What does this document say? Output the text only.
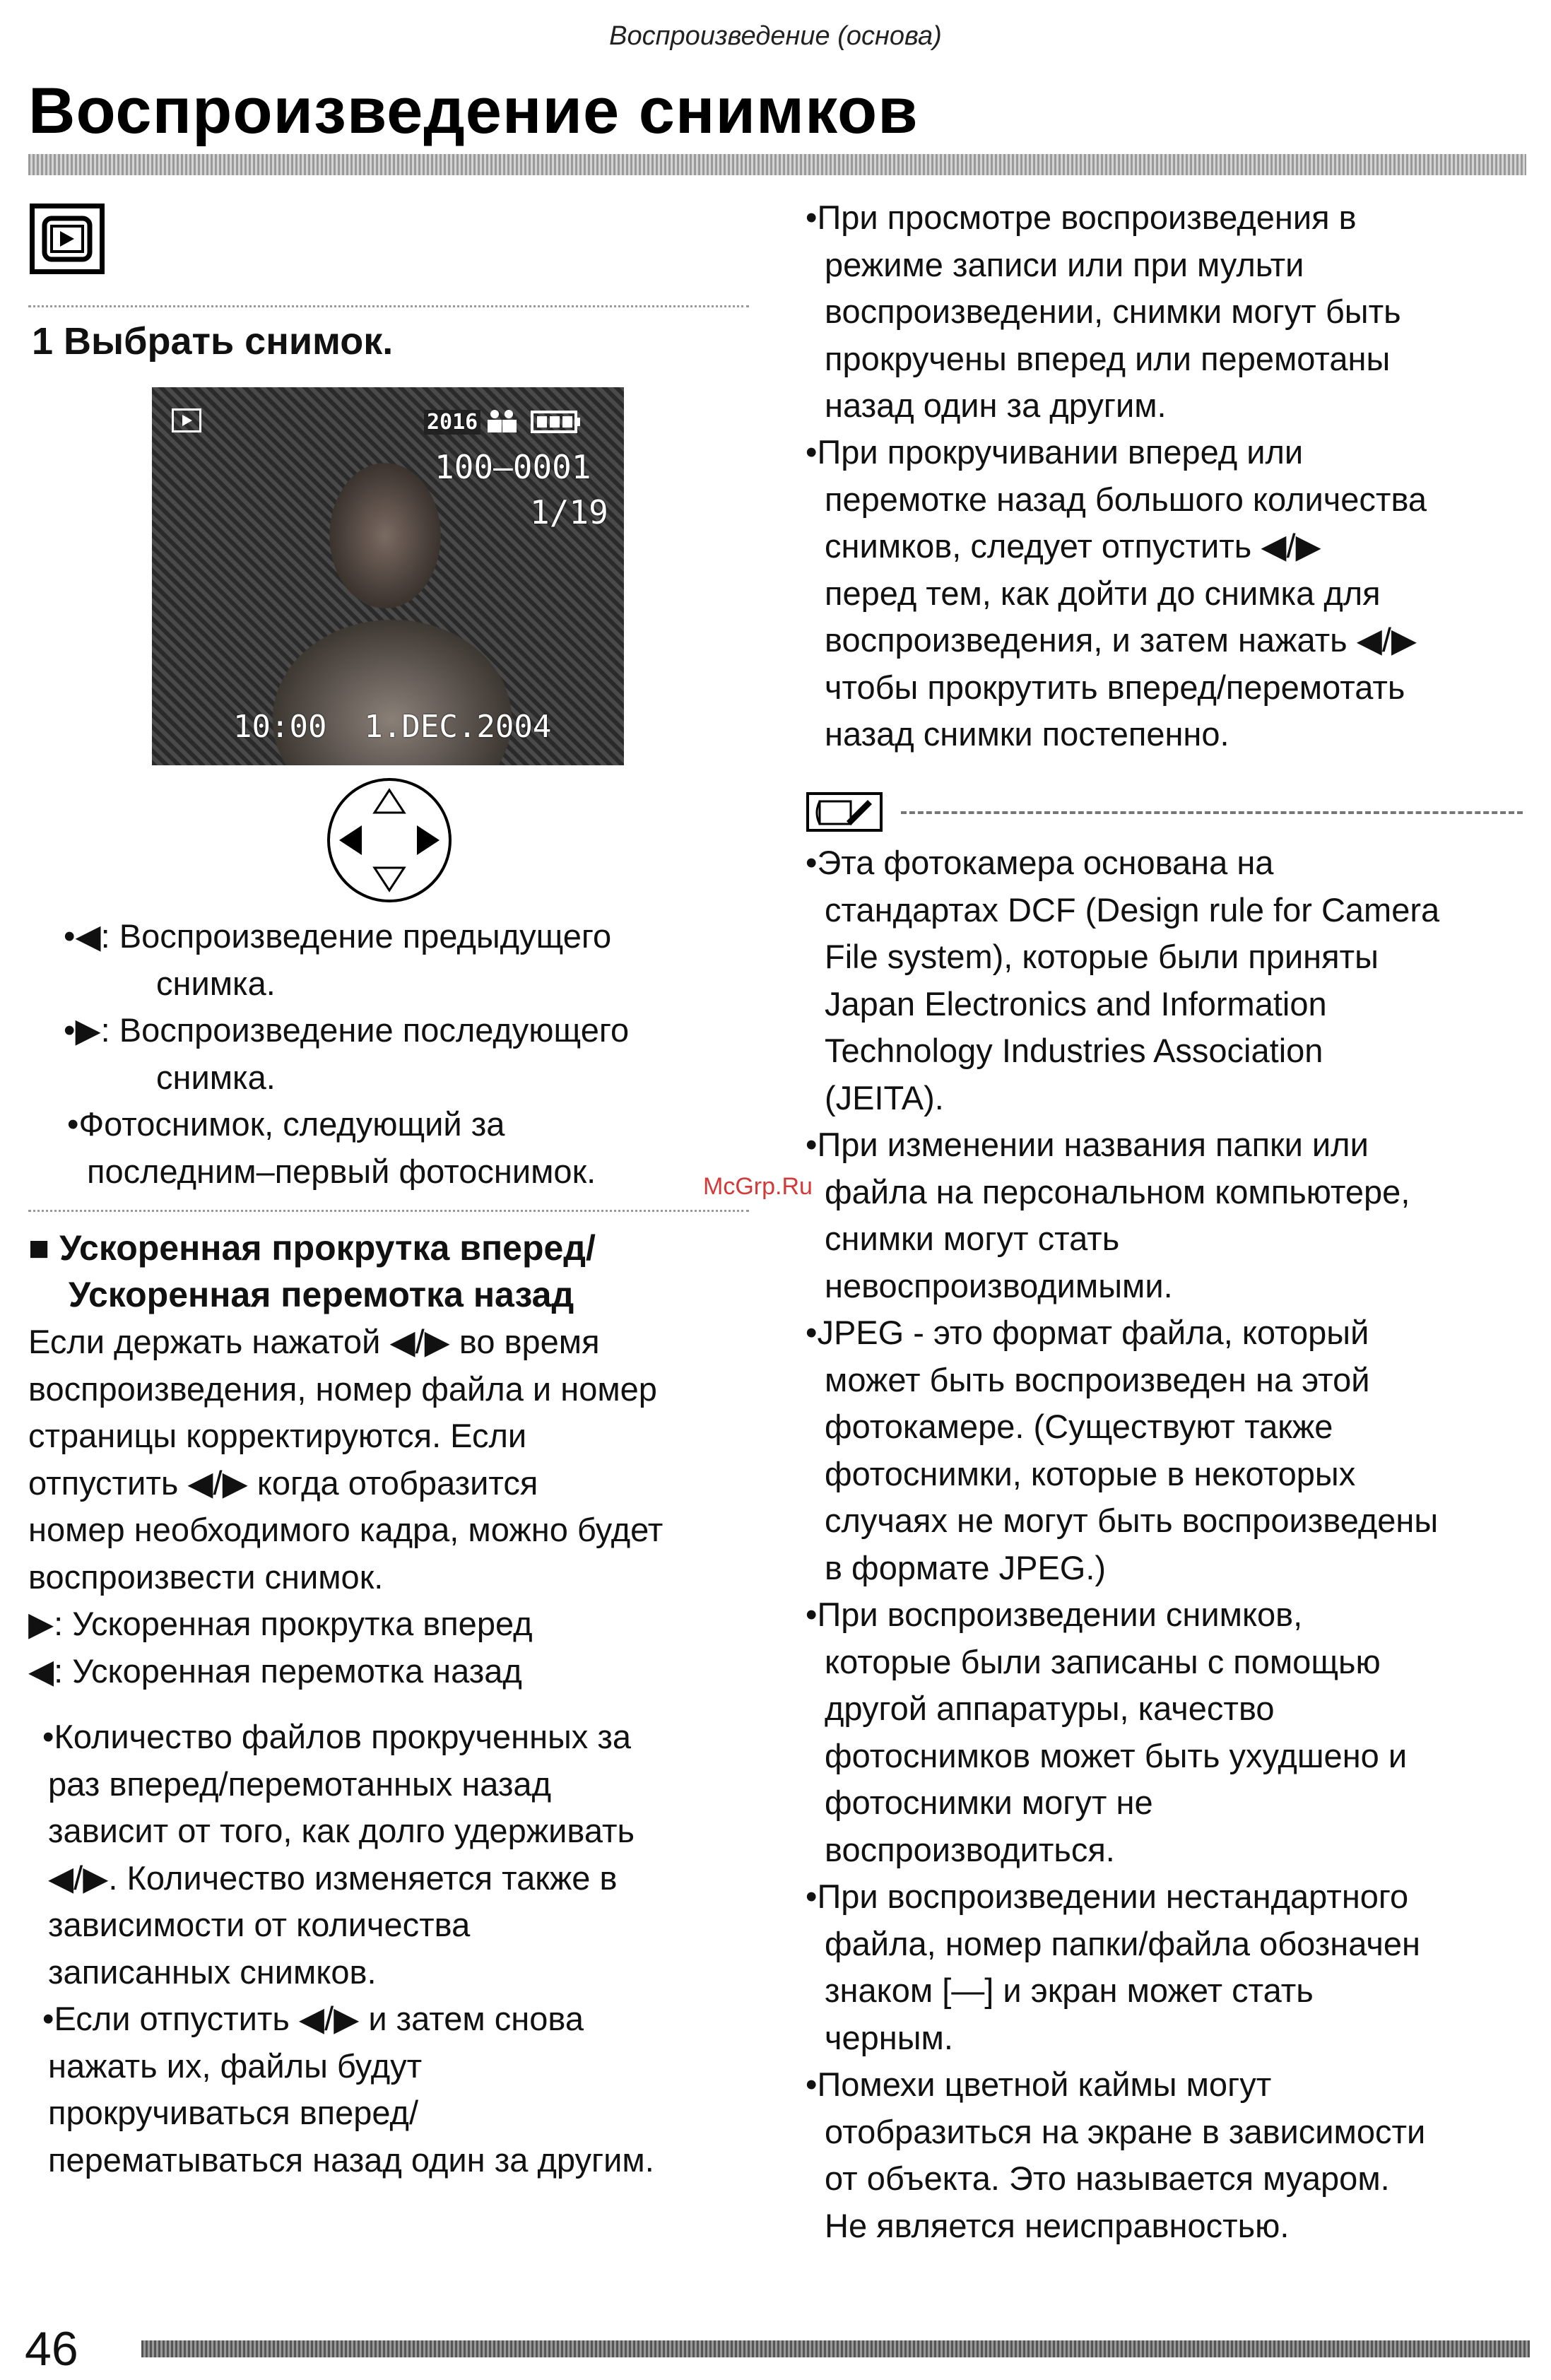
Воспроизведение (основа)
Воспроизведение снимков
1 Выбрать снимок.
2016
100–0001
1/19
10:00  1.DEC.2004
•◀: Воспроизведение предыдущего
снимка.
•▶: Воспроизведение последующего
снимка.
•Фотоснимок, следующий за
последним–первый фотоснимок.
■ Ускоренная прокрутка вперед/
Ускоренная перемотка назад
Если держать нажатой ◀/▶ во время
воспроизведения, номер файла и номер
страницы корректируются. Если
отпустить ◀/▶ когда отобразится
номер необходимого кадра, можно будет
воспроизвести снимок.
▶: Ускоренная прокрутка вперед
◀: Ускоренная перемотка назад
•Количество файлов прокрученных за
раз вперед/перемотанных назад
зависит от того, как долго удерживать
◀/▶. Количество изменяется также в
зависимости от количества
записанных снимков.
•Если отпустить ◀/▶ и затем снова
нажать их, файлы будут
прокручиваться вперед/
перематываться назад один за другим.
•При просмотре воспроизведения в
режиме записи или при мульти
воспроизведении, снимки могут быть
прокручены вперед или перемотаны
назад один за другим.
•При прокручивании вперед или
перемотке назад большого количества
снимков, следует отпустить ◀/▶
перед тем, как дойти до снимка для
воспроизведения, и затем нажать ◀/▶
чтобы прокрутить вперед/перемотать
назад снимки постепенно.
•Эта фотокамера основана на
стандартах DCF (Design rule for Camera
File system), которые были приняты
Japan Electronics and Information
Technology Industries Association
(JEITA).
•При изменении названия папки или
файла на персональном компьютере,
снимки могут стать
невоспроизводимыми.
•JPEG - это формат файла, который
может быть воспроизведен на этой
фотокамере. (Существуют также
фотоснимки, которые в некоторых
случаях не могут быть воспроизведены
в формате JPEG.)
•При воспроизведении снимков,
которые были записаны с помощью
другой аппаратуры, качество
фотоснимков может быть ухудшено и
фотоснимки могут не
воспроизводиться.
•При воспроизведении нестандартного
файла, номер папки/файла обозначен
знаком [—] и экран может стать
черным.
•Помехи цветной каймы могут
отобразиться на экране в зависимости
от объекта. Это называется муаром.
Не является неисправностью.
McGrp.Ru
46
